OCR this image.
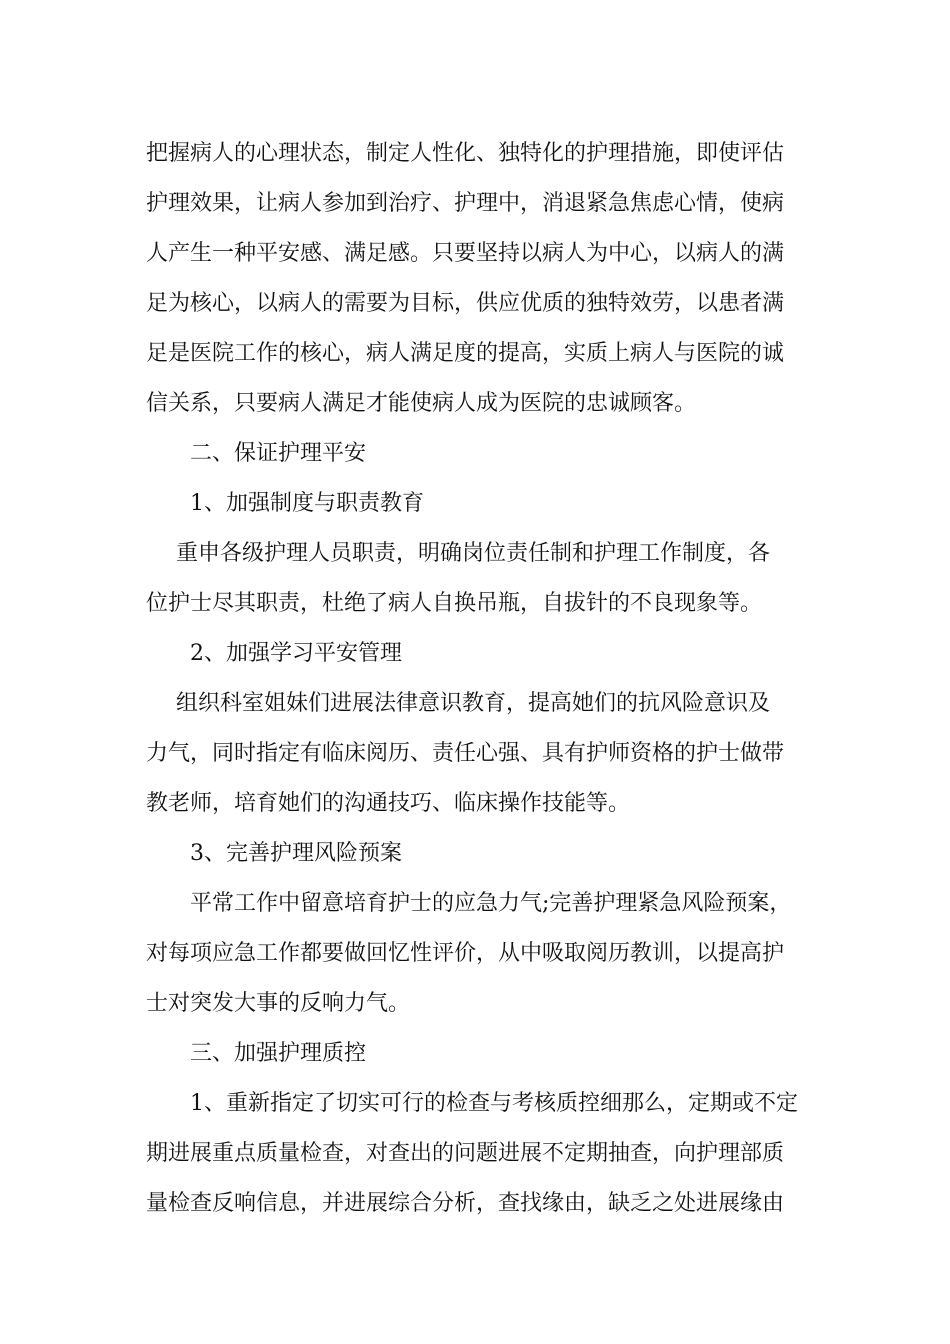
把握病人的心理状态，制定人性化、独特化的护理措施，即使评估
护理效果，让病人参加到治疗、护理中，消退紧急焦虑心情，使病
人产生一种平安感、满足感。只要坚持以病人为中心，以病人的满
足为核心，以病人的需要为目标，供应优质的独特效劳，以患者满
足是医院工作的核心，病人满足度的提高，实质上病人与医院的诚
信关系，只要病人满足才能使病人成为医院的忠诚顾客。
二、保证护理平安
1、加强制度与职责教育
重申各级护理人员职责，明确岗位责任制和护理工作制度，各
位护士尽其职责，杜绝了病人自换吊瓶，自拔针的不良现象等。
2、加强学习平安管理
组织科室姐妹们进展法律意识教育，提高她们的抗风险意识及
力气，同时指定有临床阅历、责任心强、具有护师资格的护士做带
教老师，培育她们的沟通技巧、临床操作技能等。
3、完善护理风险预案
平常工作中留意培育护士的应急力气;完善护理紧急风险预案，
对每项应急工作都要做回忆性评价，从中吸取阅历教训，以提高护
士对突发大事的反响力气。
三、加强护理质控
1、重新指定了切实可行的检查与考核质控细那么，定期或不定
期进展重点质量检查，对查出的问题进展不定期抽查，向护理部质
量检查反响信息，并进展综合分析，查找缘由，缺乏之处进展缘由
